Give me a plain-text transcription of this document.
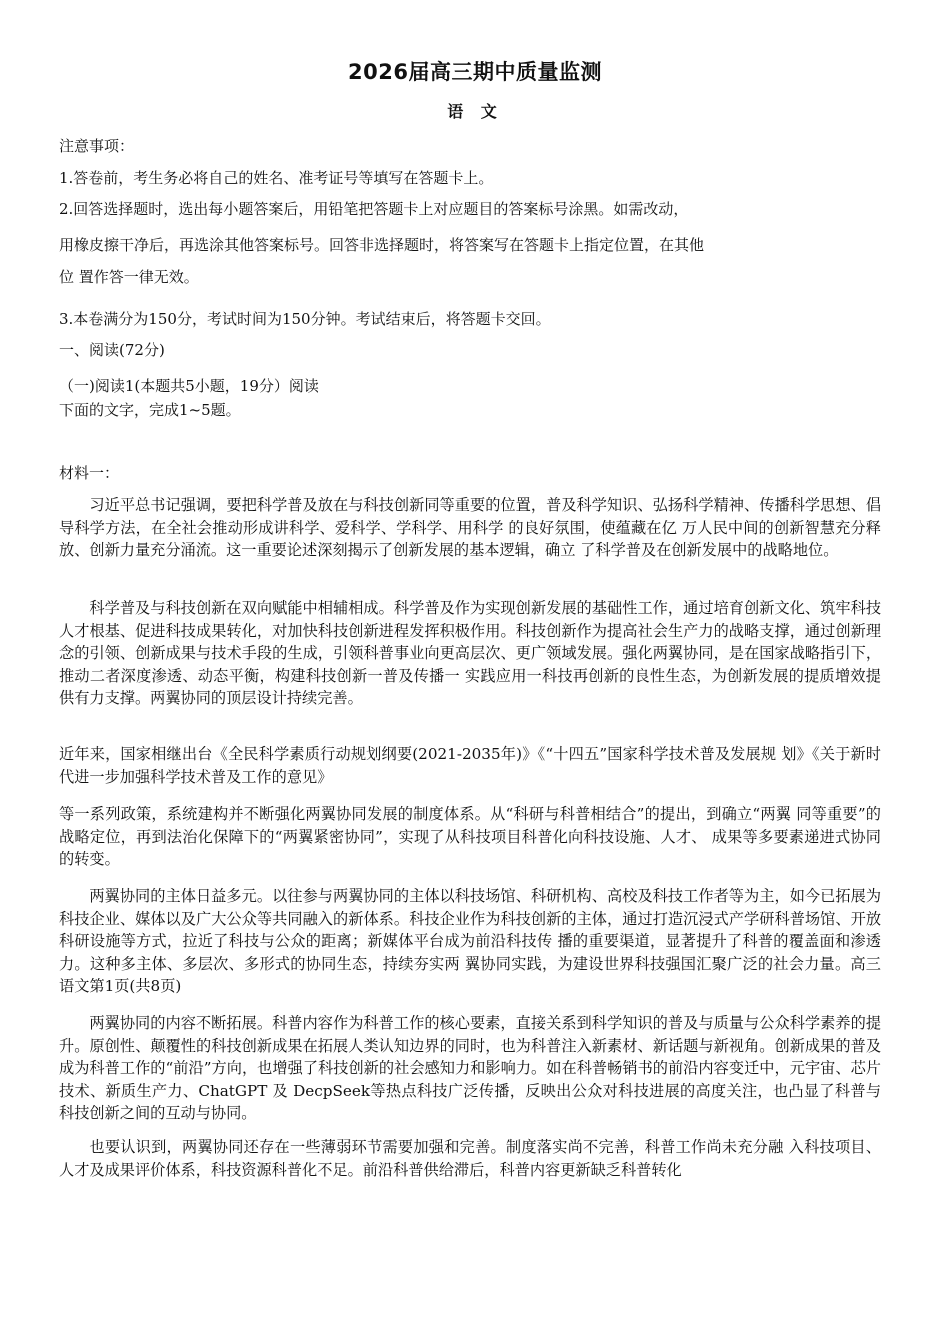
2026届高三期中质量监测
语 文
注意事项：
1.答卷前，考生务必将自己的姓名、准考证号等填写在答题卡上。
2.回答选择题时，选出每小题答案后，用铅笔把答题卡上对应题目的答案标号涂黑。如需改动，
用橡皮擦干净后，再选涂其他答案标号。回答非选择题时，将答案写在答题卡上指定位置，在其他
位 置作答一律无效。
3.本卷满分为150分，考试时间为150分钟。考试结束后，将答题卡交回。
一、阅读(72分)
（一)阅读1(本题共5小题，19分）阅读下面的文字，完成1~5题。
材料一：
习近平总书记强调，要把科学普及放在与科技创新同等重要的位置，普及科学知识、弘扬科学精神、传播科学思想、倡导科学方法，在全社会推动形成讲科学、爱科学、学科学、用科学 的良好氛围，使蕴藏在亿 万人民中间的创新智慧充分释放、创新力量充分涌流。这一重要论述深刻揭示了创新发展的基本逻辑，确立 了科学普及在创新发展中的战略地位。
科学普及与科技创新在双向赋能中相辅相成。科学普及作为实现创新发展的基础性工作，通过培育创新文化、筑牢科技人才根基、促进科技成果转化，对加快科技创新进程发挥积极作用。科技创新作为提高社会生产力的战略支撑，通过创新理念的引领、创新成果与技术手段的生成，引领科普事业向更高层次、更广领域发展。强化两翼协同，是在国家战略指引下，推动二者深度渗透、动态平衡，构建科技创新一普及传播一 实践应用一科技再创新的良性生态，为创新发展的提质增效提供有力支撑。两翼协同的顶层设计持续完善。
近年来，国家相继出台《全民科学素质行动规划纲要(2021-2035年)》《“十四五”国家科学技术普及发展规 划》《关于新时代进一步加强科学技术普及工作的意见》
等一系列政策，系统建构并不断强化两翼协同发展的制度体系。从“科研与科普相结合”的提出，到确立“两翼 同等重要”的战略定位，再到法治化保障下的“两翼紧密协同”，实现了从科技项目科普化向科技设施、人才、 成果等多要素递进式协同的转变。
两翼协同的主体日益多元。以往参与两翼协同的主体以科技场馆、科研机构、高校及科技工作者等为主，如今已拓展为科技企业、媒体以及广大公众等共同融入的新体系。科技企业作为科技创新的主体，通过打造沉浸式产学研科普场馆、开放科研设施等方式，拉近了科技与公众的距离；新媒体平台成为前沿科技传 播的重要渠道，显著提升了科普的覆盖面和渗透力。这种多主体、多层次、多形式的协同生态，持续夯实两 翼协同实践，为建设世界科技强国汇聚广泛的社会力量。高三语文第1页(共8页)
两翼协同的内容不断拓展。科普内容作为科普工作的核心要素，直接关系到科学知识的普及与质量与公众科学素养的提升。原创性、颠覆性的科技创新成果在拓展人类认知边界的同时，也为科普注入新素材、新话题与新视角。创新成果的普及成为科普工作的“前沿”方向，也增强了科技创新的社会感知力和影响力。如在科普畅销书的前沿内容变迁中，元宇宙、芯片技术、新质生产力、ChatGPT 及 DecpSeek等热点科技广泛传播，反映出公众对科技进展的高度关注，也凸显了科普与科技创新之间的互动与协同。
也要认识到，两翼协同还存在一些薄弱环节需要加强和完善。制度落实尚不完善，科普工作尚未充分融 入科技项目、人才及成果评价体系，科技资源科普化不足。前沿科普供给滞后，科普内容更新缺乏科普转化
